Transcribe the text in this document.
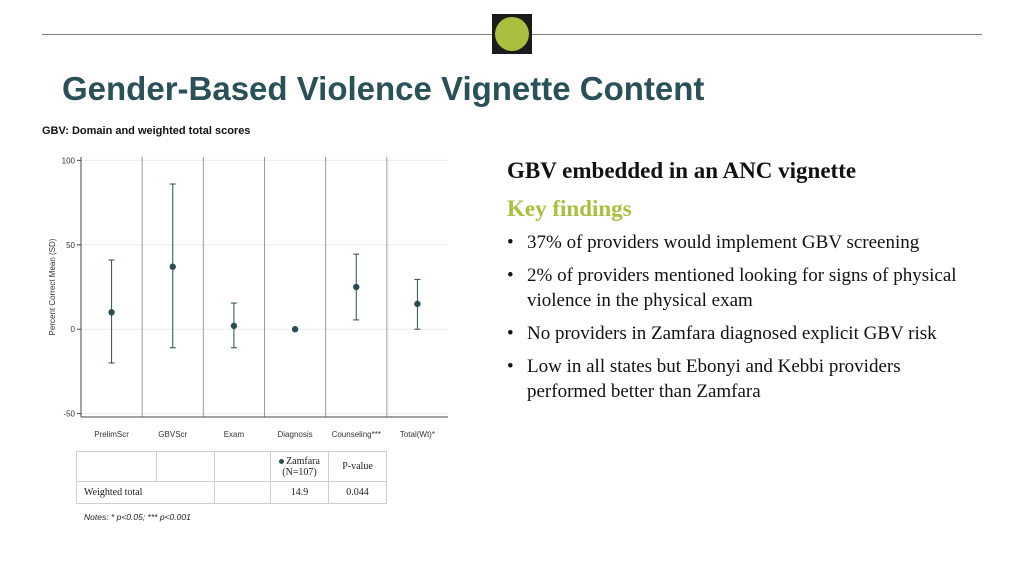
Gender-Based Violence Vignette Content
GBV: Domain and weighted total scores
100
50
0
-50
Percent Correct Mean (SD)
PrelimScr	GBVScr	Exam	Diagnosis Counseling*** Total(Wt)*
			Zamfara
(N=107)	P-value
Weighted total			14.9	0.044
Notes: * p<0.05; *** p<0.001
GBV embedded in an ANC vignette
Key findings
• 37% of providers would implement GBV screening
• 2% of providers mentioned looking for signs of physical violence in the physical exam
• No providers in Zamfara diagnosed explicit GBV risk
• Low in all states but Ebonyi and Kebbi providers performed better than Zamfara
